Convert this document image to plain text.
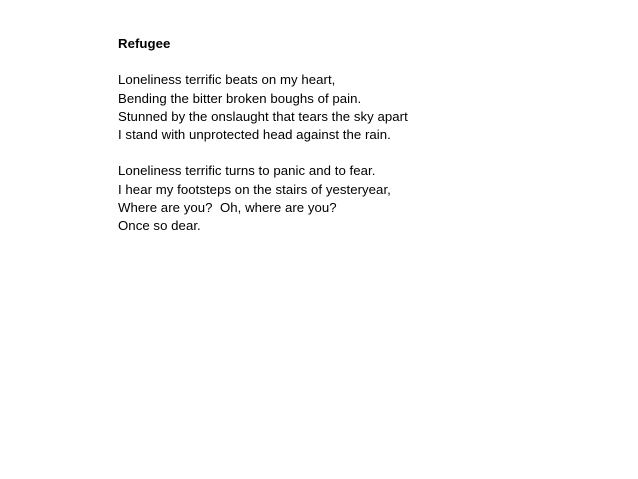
Refugee
Loneliness terrific beats on my heart,
Bending the bitter broken boughs of pain.
Stunned by the onslaught that tears the sky apart
I stand with unprotected head against the rain.
Loneliness terrific turns to panic and to fear.
I hear my footsteps on the stairs of yesteryear,
Where are you?  Oh, where are you?
Once so dear.
